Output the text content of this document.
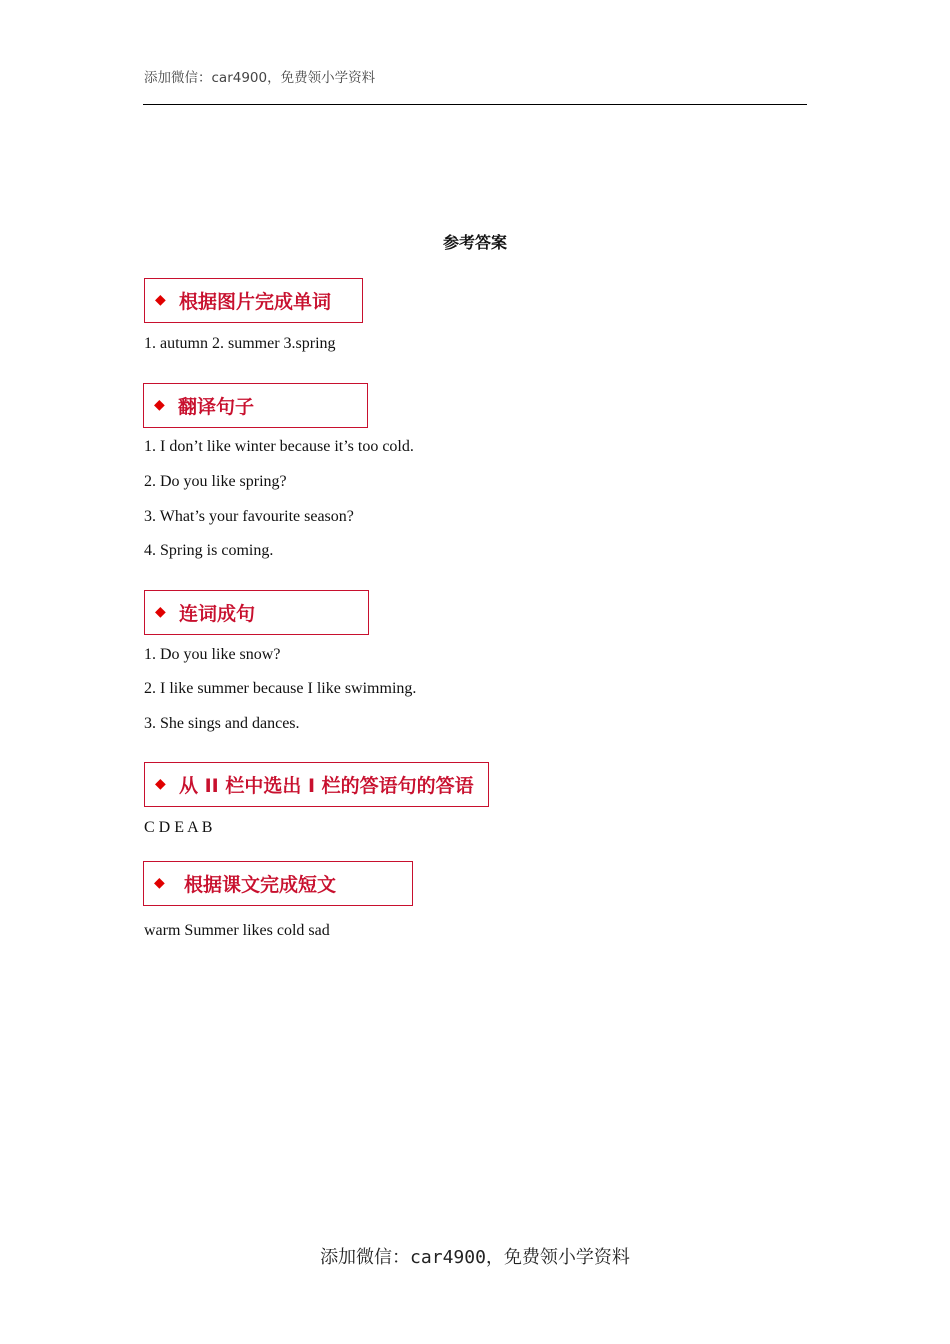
添加微信：car4900，免费领小学资料
参考答案
◆ 根据图片完成单词
1. autumn 2. summer 3.spring
◆ 翻译句子
1. I don’t like winter because it’s too cold.
2. Do you like spring?
3. What’s your favourite season?
4. Spring is coming.
◆ 连词成句
1. Do you like snow?
2. I like summer because I like swimming.
3. She sings and dances.
◆ 从 II 栏中选出 I 栏的答语句的答语
C D E A B
◆ 根据课文完成短文
warm Summer likes cold sad
添加微信：car4900，免费领小学资料
